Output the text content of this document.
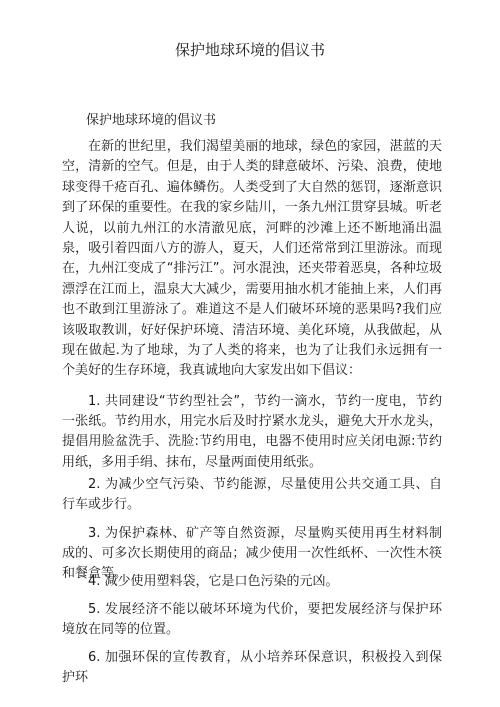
保护地球环境的倡议书
保护地球环境的倡议书

在新的世纪里，我们渴望美丽的地球，绿色的家园，湛蓝的天空，清新的空气。但是，由于人类的肆意破坏、污染、浪费，使地球变得千疮百孔、遍体鳞伤。人类受到了大自然的惩罚，逐渐意识到了环保的重要性。在我的家乡陆川，一条九州江贯穿县城。听老人说，以前九州江的水清澈见底，河畔的沙滩上还不断地涌出温泉，吸引着四面八方的游人，夏天，人们还常常到江里游泳。而现在，九州江变成了“排污江”。河水混浊，还夹带着恶臭，各种垃圾漂浮在江而上，温泉大大减少，需要用抽水机才能抽上来，人们再也不敢到江里游泳了。难道这不是人们破坏环境的恶果吗?我们应该吸取教训，好好保护环境、清洁环境、美化环境，从我做起，从现在做起.为了地球，为了人类的将来，也为了让我们永远拥有一个美好的生存环境，我真诚地向大家发出如下倡议：

1. 共同建设“节约型社会”，节约一滴水，节约一度电，节约一张纸。节约用水，用完水后及时拧紧水龙头，避免大开水龙头，提倡用脸盆洗手、洗脸:节约用电，电器不使用时应关闭电源:节约用纸，多用手绢、抹布，尽量两面使用纸张。

2. 为减少空气污染、节约能源，尽量使用公共交通工具、自行车或步行。

3. 为保护森林、矿产等自然资源，尽量购买使用再生材料制成的、可多次长期使用的商品；减少使用一次性纸杯、一次性木筷和餐盒等。

4. 减少使用塑料袋，它是口色污染的元凶。

5. 发展经济不能以破坏环境为代价，要把发展经济与保护环境放在同等的位置。

6. 加强环保的宣传教育，从小培养环保意识，积极投入到保护环
